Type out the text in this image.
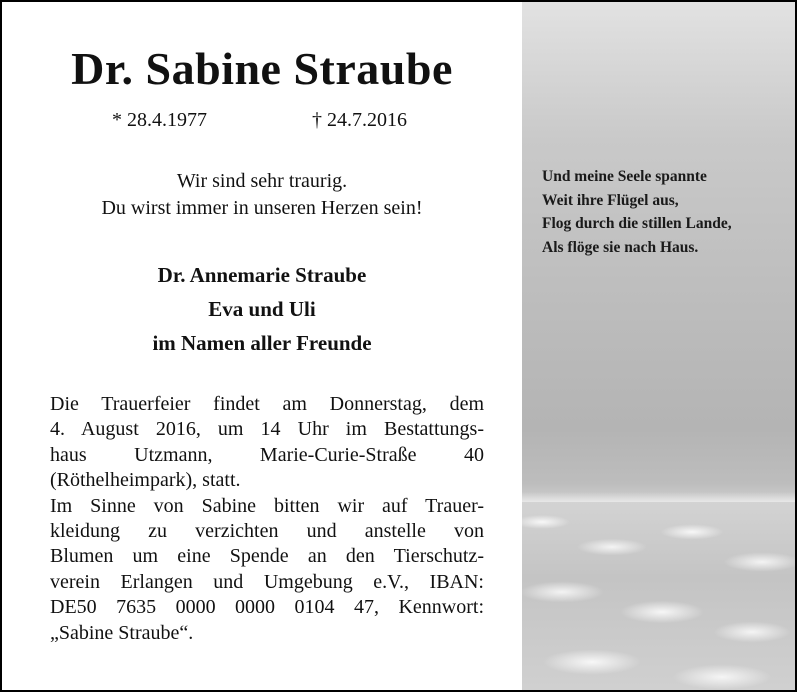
Dr. Sabine Straube
* 28.4.1977	† 24.7.2016
Wir sind sehr traurig.
Du wirst immer in unseren Herzen sein!
Dr. Annemarie Straube
Eva und Uli
im Namen aller Freunde
Die Trauerfeier findet am Donnerstag, dem
4. August 2016, um 14 Uhr im Bestattungs-
haus Utzmann, Marie-Curie-Straße 40
(Röthelheimpark), statt.
Im Sinne von Sabine bitten wir auf Trauer-
kleidung zu verzichten und anstelle von
Blumen um eine Spende an den Tierschutz-
verein Erlangen und Umgebung e.V., IBAN:
DE50 7635 0000 0000 0104 47, Kennwort:
„Sabine Straube“.
Und meine Seele spannte
Weit ihre Flügel aus,
Flog durch die stillen Lande,
Als flöge sie nach Haus.
